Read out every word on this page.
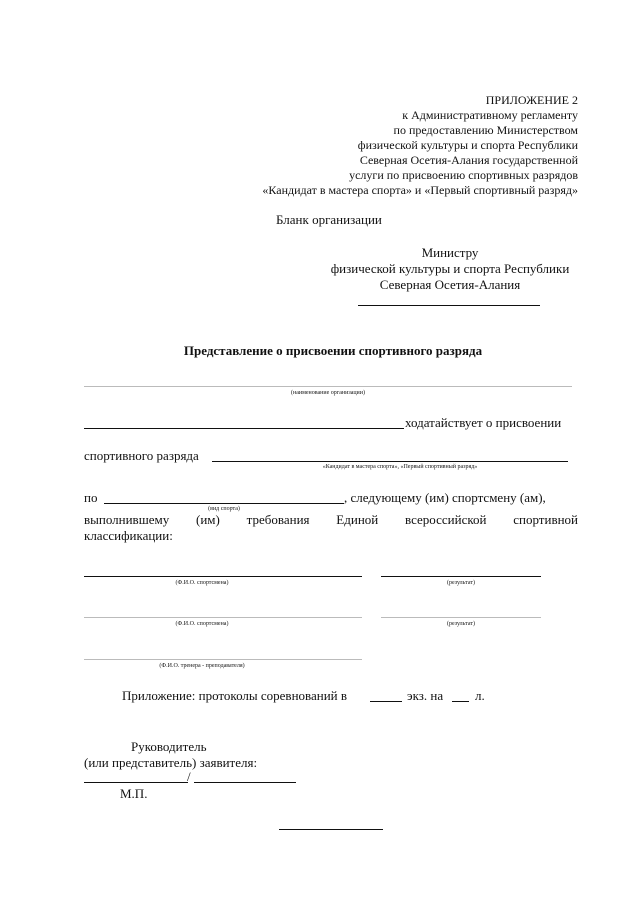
ПРИЛОЖЕНИЕ 2
к Административному регламенту
по предоставлению Министерством
физической культуры и спорта Республики
Северная Осетия-Алания государственной
услуги по присвоению спортивных разрядов
«Кандидат в мастера спорта» и «Первый спортивный разряд»
Бланк организации
Министру
физической культуры и спорта Республики
Северная Осетия-Алания
Представление о присвоении спортивного разряда
(наименование организации)
ходатайствует о присвоении
спортивного разряда
«Кандидат в мастера спорта», «Первый спортивный разряд»
по
(вид спорта)
, следующему (им) спортсмену (ам),
выполнившему (им) требования Единой всероссийской спортивной
классификации:
(Ф.И.О. спортсмена)	(результат)
(Ф.И.О. спортсмена)	(результат)
(Ф.И.О. тренера - преподавателя)
Приложение: протоколы соревнований в	экз. на л.
Руководитель
(или представитель) заявителя:
/
М.П.
